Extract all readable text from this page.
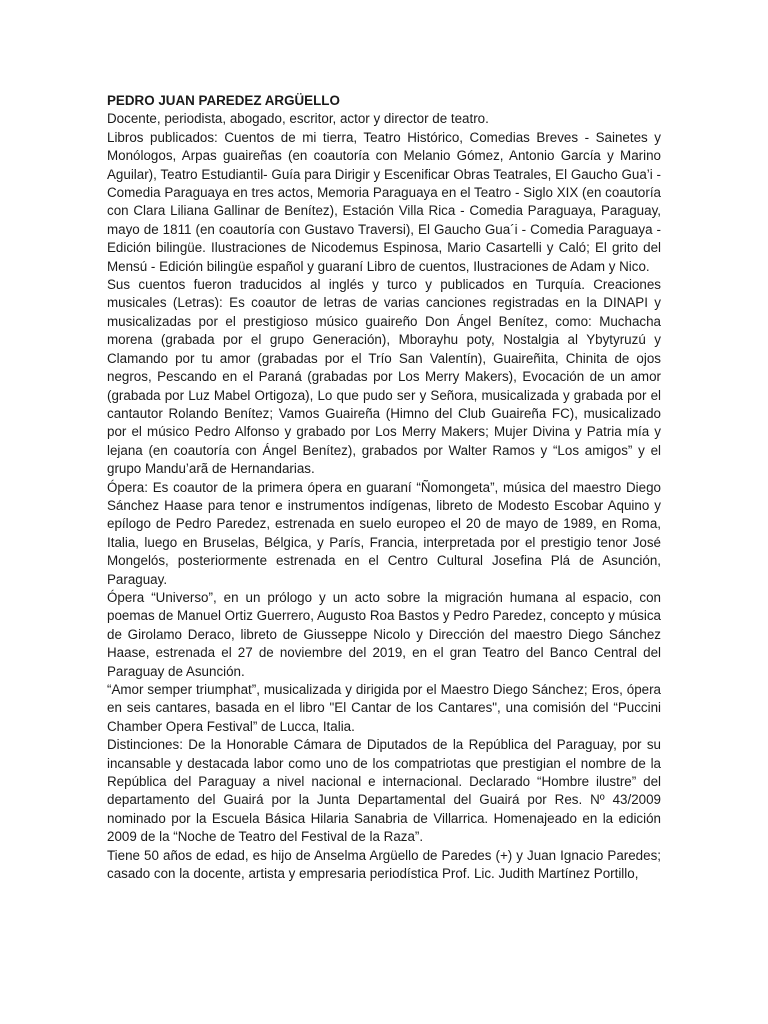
PEDRO JUAN PAREDEZ ARGÜELLO

Docente, periodista, abogado, escritor, actor y director de teatro.

Libros publicados: Cuentos de mi tierra, Teatro Histórico, Comedias Breves - Sainetes y Monólogos, Arpas guaireñas (en coautoría con Melanio Gómez, Antonio García y Marino Aguilar), Teatro Estudiantil- Guía para Dirigir y Escenificar Obras Teatrales, El Gaucho Gua’i - Comedia Paraguaya en tres actos, Memoria Paraguaya en el Teatro - Siglo XIX (en coautoría con Clara Liliana Gallinar de Benítez), Estación Villa Rica - Comedia Paraguaya, Paraguay, mayo de 1811 (en coautoría con Gustavo Traversi), El Gaucho Gua´i - Comedia Paraguaya - Edición bilingüe. Ilustraciones de Nicodemus Espinosa, Mario Casartelli y Caló; El grito del Mensú - Edición bilingüe español y guaraní Libro de cuentos, Ilustraciones de Adam y Nico.

Sus cuentos fueron traducidos al inglés y turco y publicados en Turquía. Creaciones musicales (Letras): Es coautor de letras de varias canciones registradas en la DINAPI y musicalizadas por el prestigioso músico guaireño Don Ángel Benítez, como: Muchacha morena (grabada por el grupo Generación), Mborayhu poty, Nostalgia al Ybytyruzú y Clamando por tu amor (grabadas por el Trío San Valentín), Guaireñita, Chinita de ojos negros, Pescando en el Paraná (grabadas por Los Merry Makers), Evocación de un amor (grabada por Luz Mabel Ortigoza), Lo que pudo ser y Señora, musicalizada y grabada por el cantautor Rolando Benítez; Vamos Guaireña (Himno del Club Guaireña FC), musicalizado por el músico Pedro Alfonso y grabado por Los Merry Makers; Mujer Divina y Patria mía y lejana (en coautoría con Ángel Benítez), grabados por Walter Ramos y “Los amigos” y el grupo Mandu’arã de Hernandarias.

Ópera: Es coautor de la primera ópera en guaraní “Ñomongeta”, música del maestro Diego Sánchez Haase para tenor e instrumentos indígenas, libreto de Modesto Escobar Aquino y epílogo de Pedro Paredez, estrenada en suelo europeo el 20 de mayo de 1989, en Roma, Italia, luego en Bruselas, Bélgica, y París, Francia, interpretada por el prestigio tenor José Mongelós, posteriormente estrenada en el Centro Cultural Josefina Plá de Asunción, Paraguay.

Ópera “Universo”, en un prólogo y un acto sobre la migración humana al espacio, con poemas de Manuel Ortiz Guerrero, Augusto Roa Bastos y Pedro Paredez, concepto y música de Girolamo Deraco, libreto de Giusseppe Nicolo y Dirección del maestro Diego Sánchez Haase, estrenada el 27 de noviembre del 2019, en el gran Teatro del Banco Central del Paraguay de Asunción.

“Amor semper triumphat”, musicalizada y dirigida por el Maestro Diego Sánchez; Eros, ópera en seis cantares, basada en el libro "El Cantar de los Cantares", una comisión del “Puccini Chamber Opera Festival” de Lucca, Italia.

Distinciones: De la Honorable Cámara de Diputados de la República del Paraguay, por su incansable y destacada labor como uno de los compatriotas que prestigian el nombre de la República del Paraguay a nivel nacional e internacional. Declarado “Hombre ilustre” del departamento del Guairá por la Junta Departamental del Guairá por Res. Nº 43/2009 nominado por la Escuela Básica Hilaria Sanabria de Villarrica. Homenajeado en la edición 2009 de la “Noche de Teatro del Festival de la Raza”.

Tiene 50 años de edad, es hijo de Anselma Argüello de Paredes (+) y Juan Ignacio Paredes; casado con la docente, artista y empresaria periodística Prof. Lic. Judith Martínez Portillo,
